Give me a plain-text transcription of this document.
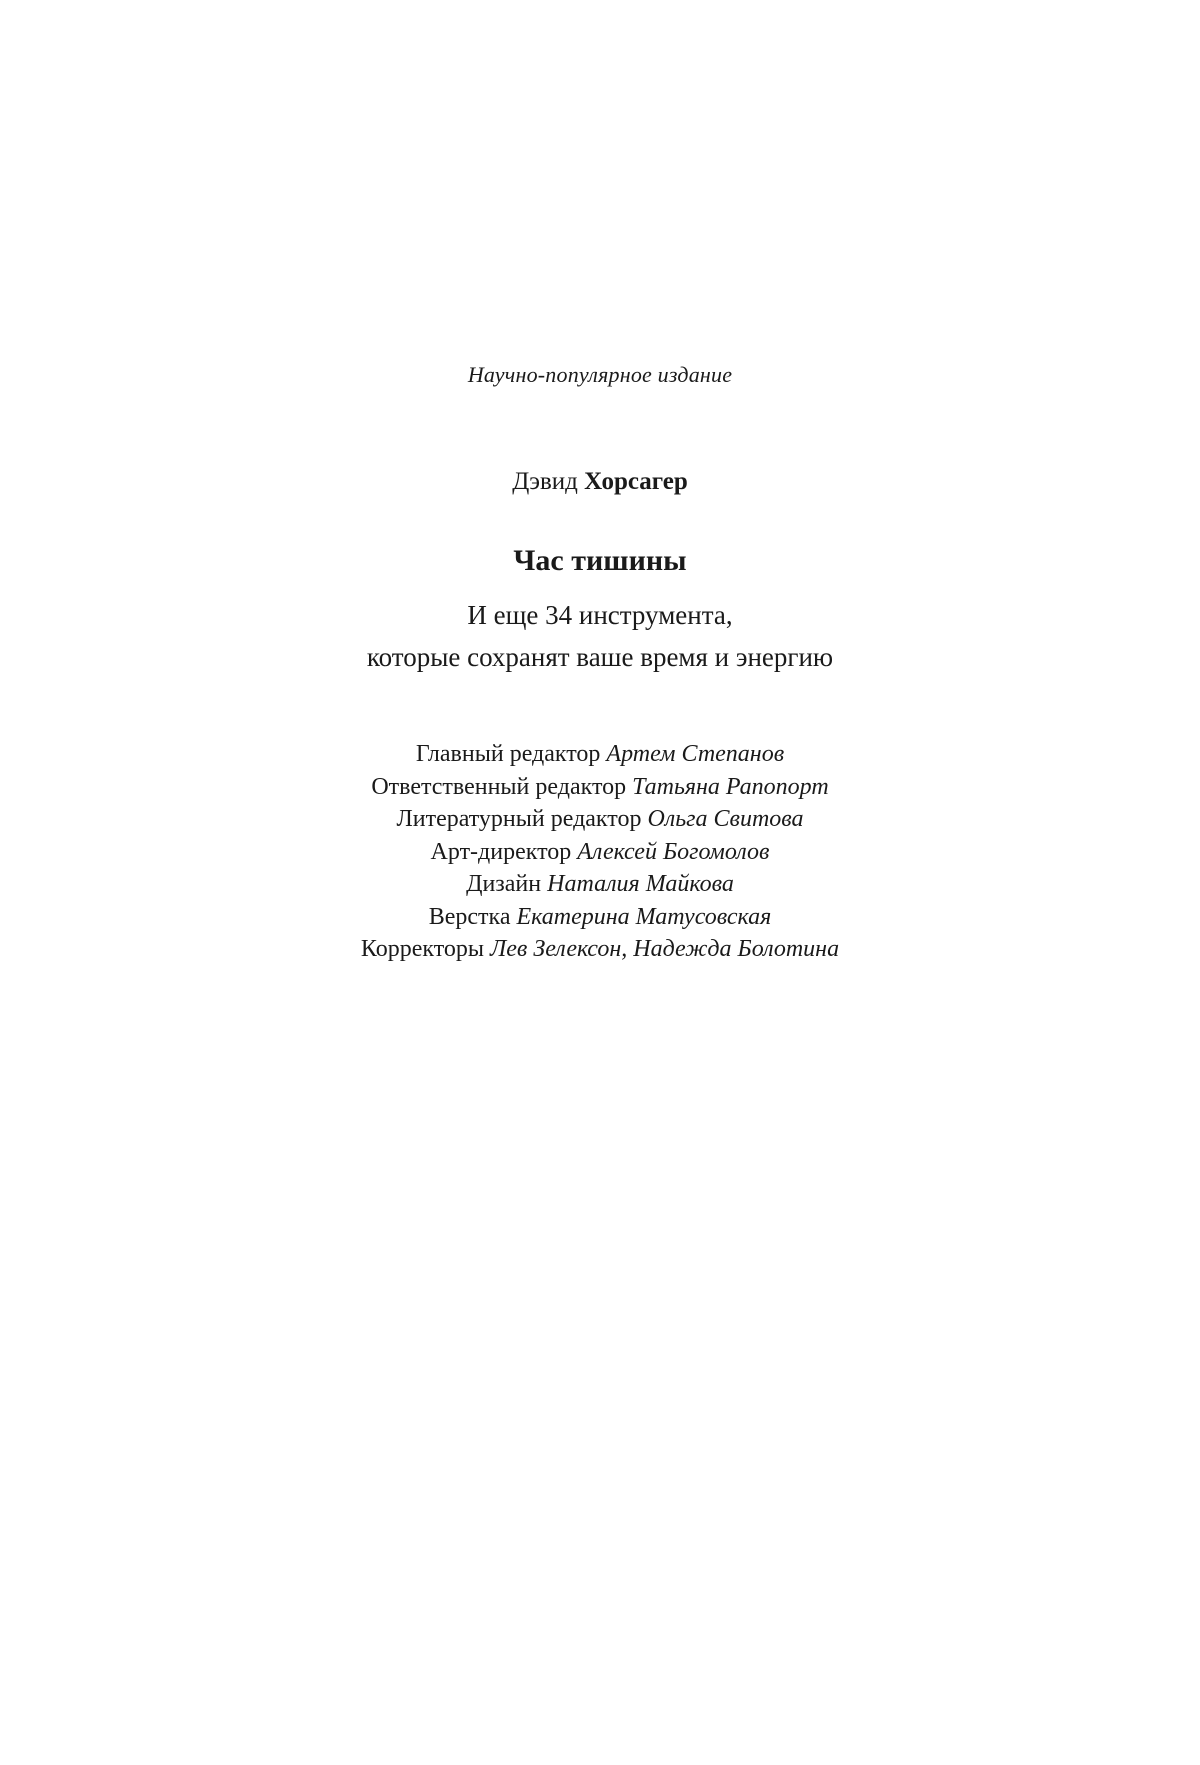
Научно-популярное издание
Дэвид Хорсагер
Час тишины
И еще 34 инструмента,
которые сохранят ваше время и энергию
Главный редактор Артем Степанов
Ответственный редактор Татьяна Рапопорт
Литературный редактор Ольга Свитова
Арт-директор Алексей Богомолов
Дизайн Наталия Майкова
Верстка Екатерина Матусовская
Корректоры Лев Зелексон, Надежда Болотина
